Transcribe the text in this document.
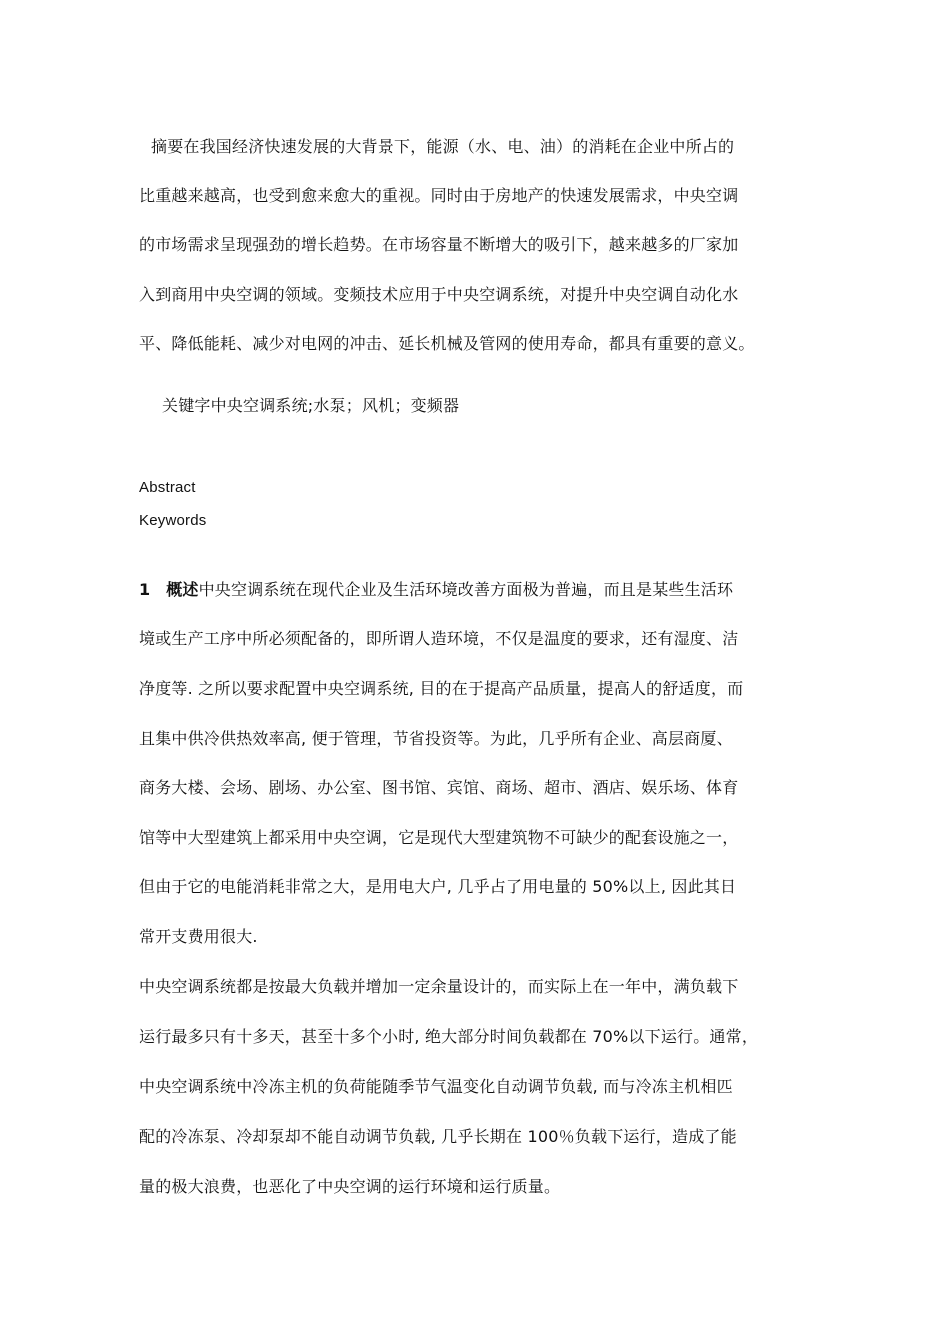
摘要在我国经济快速发展的大背景下，能源（水、电、油）的消耗在企业中所占的
比重越来越高，也受到愈来愈大的重视。同时由于房地产的快速发展需求，中央空调
的市场需求呈现强劲的增长趋势。在市场容量不断增大的吸引下，越来越多的厂家加
入到商用中央空调的领域。变频技术应用于中央空调系统，对提升中央空调自动化水
平、降低能耗、减少对电网的冲击、延长机械及管网的使用寿命，都具有重要的意义。
关键字中央空调系统;水泵；风机；变频器
Abstract
Keywords
1 概述中央空调系统在现代企业及生活环境改善方面极为普遍，而且是某些生活环
境或生产工序中所必须配备的，即所谓人造环境，不仅是温度的要求，还有湿度、洁
净度等. 之所以要求配置中央空调系统, 目的在于提高产品质量，提高人的舒适度，而
且集中供冷供热效率高, 便于管理，节省投资等。为此，几乎所有企业、高层商厦、
商务大楼、会场、剧场、办公室、图书馆、宾馆、商场、超市、酒店、娱乐场、体育
馆等中大型建筑上都采用中央空调，它是现代大型建筑物不可缺少的配套设施之一，
但由于它的电能消耗非常之大，是用电大户, 几乎占了用电量的 50%以上, 因此其日
常开支费用很大.
中央空调系统都是按最大负载并增加一定余量设计的，而实际上在一年中，满负载下
运行最多只有十多天，甚至十多个小时, 绝大部分时间负载都在 70%以下运行。通常，
中央空调系统中冷冻主机的负荷能随季节气温变化自动调节负载, 而与冷冻主机相匹
配的冷冻泵、冷却泵却不能自动调节负载, 几乎长期在 100％负载下运行，造成了能
量的极大浪费，也恶化了中央空调的运行环境和运行质量。
